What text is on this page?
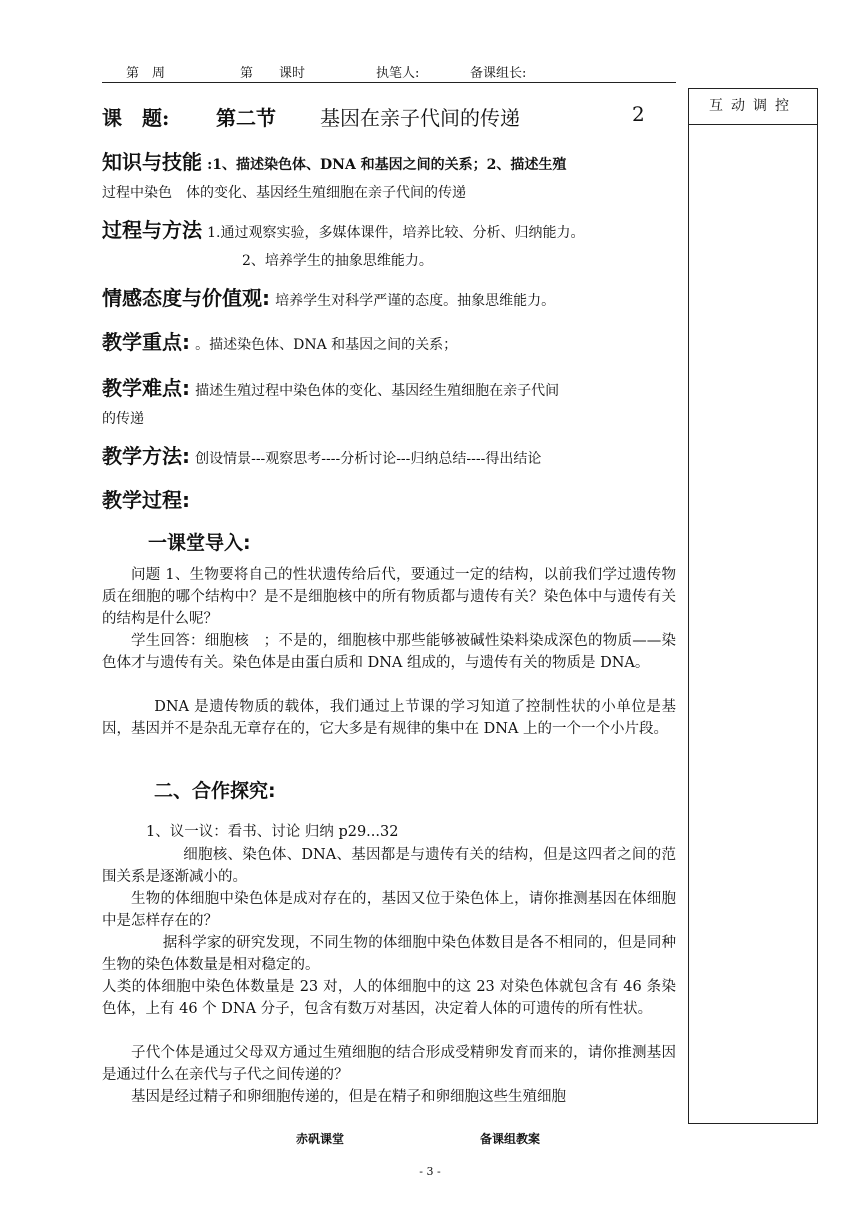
第　周	第　　课时	执笔人:	备课组长:
互动调控
课　题: 第二节 基因在亲子代间的传递	2
知识与技能 :1、描述染色体、DNA 和基因之间的关系；2、描述生殖
过程中染色　体的变化、基因经生殖细胞在亲子代间的传递
过程与方法 1.通过观察实验，多媒体课件，培养比较、分析、归纳能力。
2、培养学生的抽象思维能力。
情感态度与价值观: 培养学生对科学严谨的态度。抽象思维能力。
教学重点: 。描述染色体、DNA 和基因之间的关系；
教学难点: 描述生殖过程中染色体的变化、基因经生殖细胞在亲子代间
的传递
教学方法: 创设情景---观察思考----分析讨论---归纳总结----得出结论
教学过程:
一课堂导入:
问题 1、生物要将自己的性状遗传给后代，要通过一定的结构，以前我们学过遗传物质在细胞的哪个结构中？是不是细胞核中的所有物质都与遗传有关？染色体中与遗传有关的结构是什么呢？
学生回答：细胞核　；不是的，细胞核中那些能够被碱性染料染成深色的物质——染色体才与遗传有关。染色体是由蛋白质和 DNA 组成的，与遗传有关的物质是 DNA。
DNA 是遗传物质的载体，我们通过上节课的学习知道了控制性状的小单位是基因，基因并不是杂乱无章存在的，它大多是有规律的集中在 DNA 上的一个一个小片段。
二、合作探究:
1、议一议：看书、讨论 归纳 p29...32
细胞核、染色体、DNA、基因都是与遗传有关的结构，但是这四者之间的范围关系是逐渐减小的。
生物的体细胞中染色体是成对存在的，基因又位于染色体上，请你推测基因在体细胞中是怎样存在的？
据科学家的研究发现，不同生物的体细胞中染色体数目是各不相同的，但是同种生物的染色体数量是相对稳定的。
人类的体细胞中染色体数量是 23 对，人的体细胞中的这 23 对染色体就包含有 46 条染色体，上有 46 个 DNA 分子，包含有数万对基因，决定着人体的可遗传的所有性状。
子代个体是通过父母双方通过生殖细胞的结合形成受精卵发育而来的，请你推测基因是通过什么在亲代与子代之间传递的？
基因是经过精子和卵细胞传递的，但是在精子和卵细胞这些生殖细胞
赤矾课堂	备课组教案
- 3 -
